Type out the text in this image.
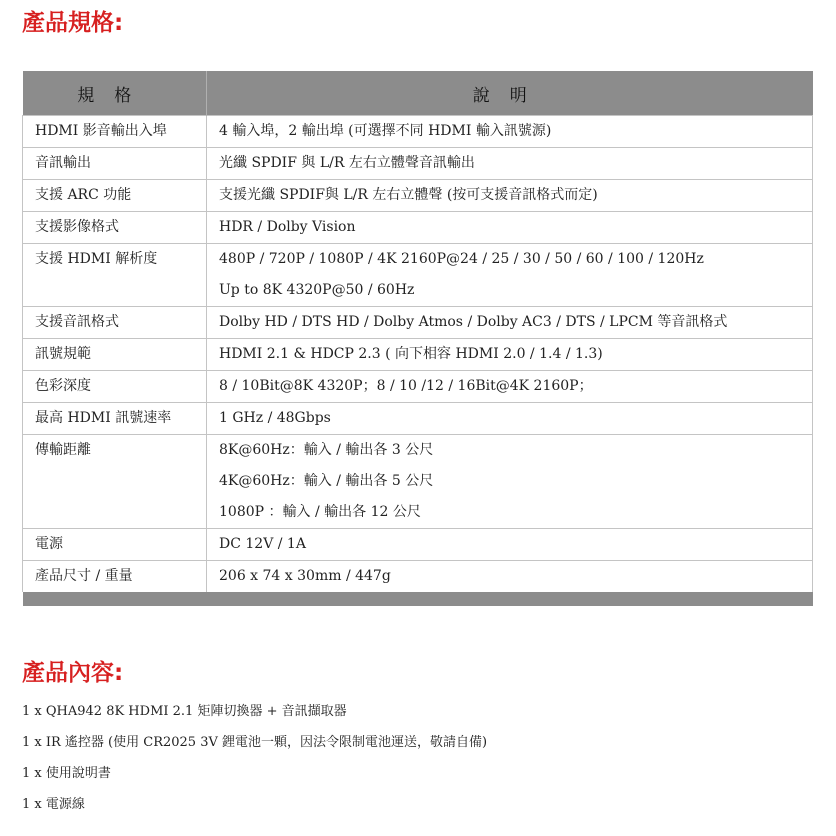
產品規格:
規格	說明
HDMI 影音輸出入埠	4 輸入埠，2 輸出埠 (可選擇不同 HDMI 輸入訊號源)

音訊輸出	光纖 SPDIF 與 L/R 左右立體聲音訊輸出

支援 ARC 功能	支援光纖 SPDIF與 L/R 左右立體聲 (按可支援音訊格式而定)

支援影像格式	HDR / Dolby Vision

支援 HDMI 解析度	480P / 720P / 1080P / 4K 2160P@24 / 25 / 30 / 50 / 60 / 100 / 120Hz
Up to 8K 4320P@50 / 60Hz

支援音訊格式	Dolby HD / DTS HD / Dolby Atmos / Dolby AC3 / DTS / LPCM 等音訊格式

訊號規範	HDMI 2.1 & HDCP 2.3 ( 向下相容 HDMI 2.0 / 1.4 / 1.3)

色彩深度	8 / 10Bit@8K 4320P；8 / 10 /12 / 16Bit@4K 2160P；

最高 HDMI 訊號速率	1 GHz / 48Gbps

傳輸距離	8K@60Hz：輸入 / 輸出各 3 公尺
4K@60Hz：輸入 / 輸出各 5 公尺
1080P ：輸入 / 輸出各 12 公尺

電源	DC 12V / 1A

產品尺寸 / 重量	206 x 74 x 30mm / 447g

產品內容:
1 x QHA942 8K HDMI 2.1 矩陣切換器 + 音訊擷取器
1 x IR 遙控器 (使用 CR2025 3V 鋰電池一顆，因法令限制電池運送，敬請自備)
1 x 使用說明書
1 x 電源線
